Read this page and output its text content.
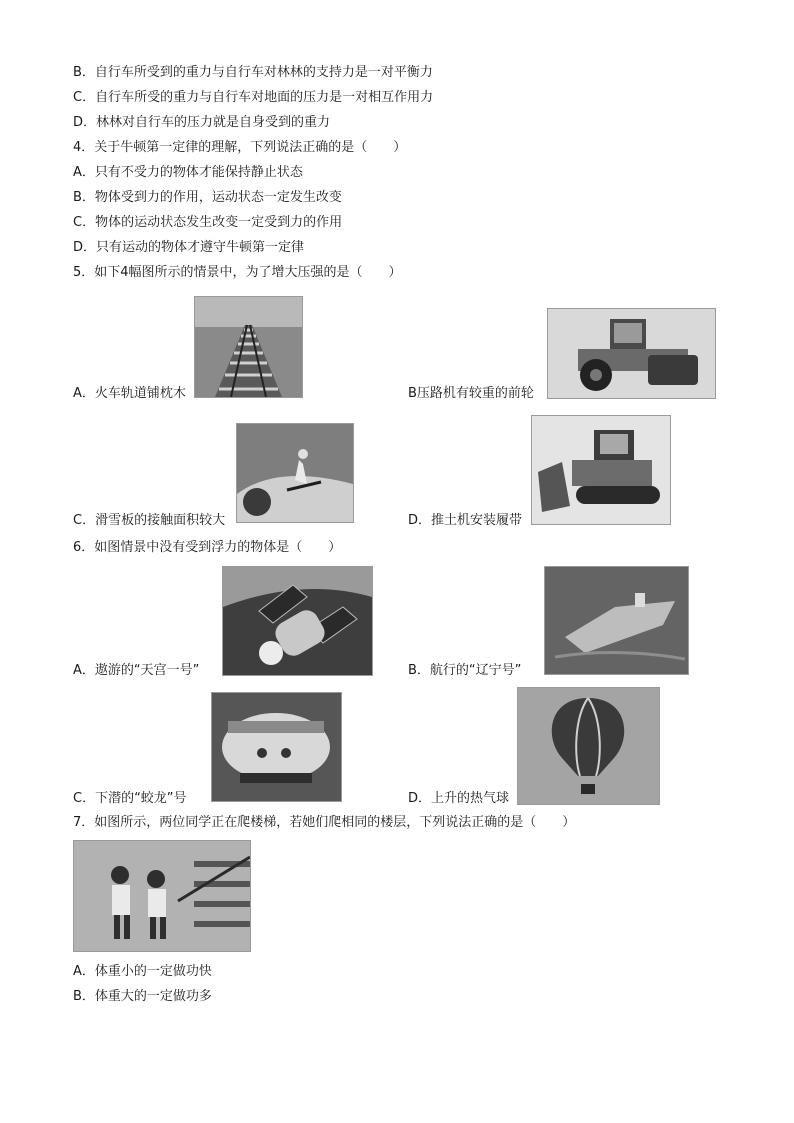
B．自行车所受到的重力与自行车对林林的支持力是一对平衡力
C．自行车所受的重力与自行车对地面的压力是一对相互作用力
D．林林对自行车的压力就是自身受到的重力
4．关于牛顿第一定律的理解，下列说法正确的是（　　）
A．只有不受力的物体才能保持静止状态
B．物体受到力的作用，运动状态一定发生改变
C．物体的运动状态发生改变一定受到力的作用
D．只有运动的物体才遵守牛顿第一定律
5．如下4幅图所示的情景中，为了增大压强的是（　　）
A．火车轨道铺枕木	B压路机有较重的前轮
C．滑雪板的接触面积较大	D．推土机安装履带
6．如图情景中没有受到浮力的物体是（　　）
A．遨游的“天宫一号”	B．航行的“辽宁号”
C．下潜的“蛟龙”号	D．上升的热气球
7．如图所示，两位同学正在爬楼梯，若她们爬相同的楼层，下列说法正确的是（　　）
A．体重小的一定做功快
B．体重大的一定做功多
